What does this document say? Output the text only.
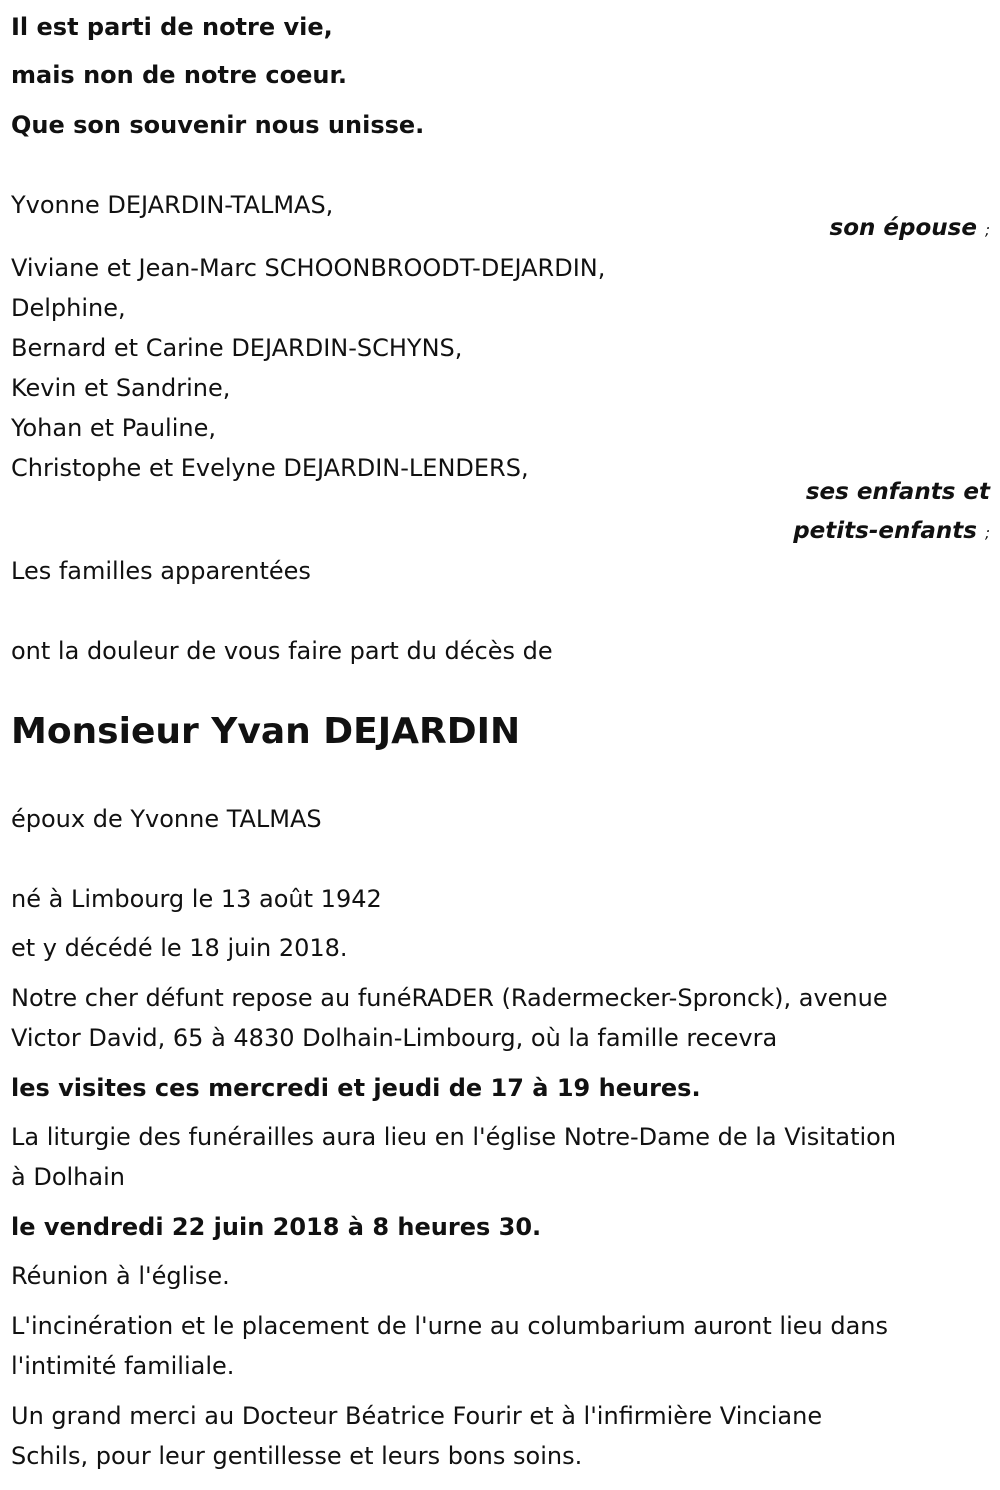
Il est parti de notre vie,

mais non de notre coeur.

Que son souvenir nous unisse.

Yvonne DEJARDIN-TALMAS,

son épouse ;

Viviane et Jean-Marc SCHOONBROODT-DEJARDIN,

Delphine,

Bernard et Carine DEJARDIN-SCHYNS,

Kevin et Sandrine,

Yohan et Pauline,

Christophe et Evelyne DEJARDIN-LENDERS,

ses enfants et
petits-enfants ;

Les familles apparentées

ont la douleur de vous faire part du décès de

Monsieur Yvan DEJARDIN

époux de Yvonne TALMAS

né à Limbourg le 13 août 1942

et y décédé le 18 juin 2018.

Notre cher défunt repose au funéRADER (Radermecker-Spronck), avenue

Victor David, 65 à 4830 Dolhain-Limbourg, où la famille recevra

les visites ces mercredi et jeudi de 17 à 19 heures.

La liturgie des funérailles aura lieu en l'église Notre-Dame de la Visitation

à Dolhain

le vendredi 22 juin 2018 à 8 heures 30.

Réunion à l'église.

L'incinération et le placement de l'urne au columbarium auront lieu dans

l'intimité familiale.

Un grand merci au Docteur Béatrice Fourir et à l'infirmière Vinciane

Schils, pour leur gentillesse et leurs bons soins.
